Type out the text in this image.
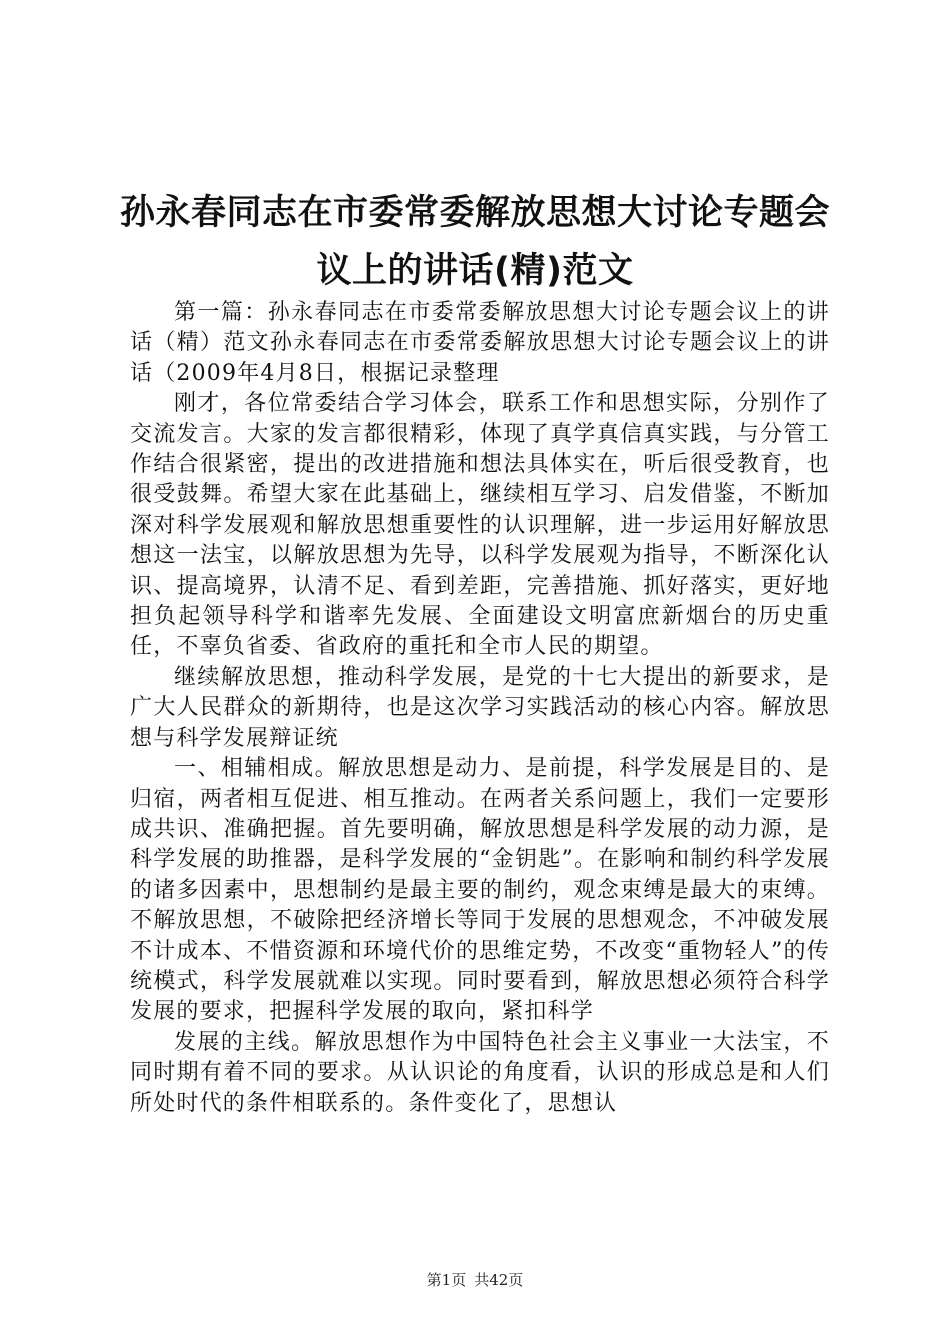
孙永春同志在市委常委解放思想大讨论专题会
议上的讲话(精)范文

第一篇：孙永春同志在市委常委解放思想大讨论专题会议上的讲话（精）范文孙永春同志在市委常委解放思想大讨论专题会议上的讲话（2009年4月8日，根据记录整理

刚才，各位常委结合学习体会，联系工作和思想实际，分别作了交流发言。大家的发言都很精彩，体现了真学真信真实践，与分管工作结合很紧密，提出的改进措施和想法具体实在，听后很受教育，也很受鼓舞。希望大家在此基础上，继续相互学习、启发借鉴，不断加深对科学发展观和解放思想重要性的认识理解，进一步运用好解放思想这一法宝，以解放思想为先导，以科学发展观为指导，不断深化认识、提高境界，认清不足、看到差距，完善措施、抓好落实，更好地担负起领导科学和谐率先发展、全面建设文明富庶新烟台的历史重任，不辜负省委、省政府的重托和全市人民的期望。

继续解放思想，推动科学发展，是党的十七大提出的新要求，是广大人民群众的新期待，也是这次学习实践活动的核心内容。解放思想与科学发展辩证统

一、相辅相成。解放思想是动力、是前提，科学发展是目的、是归宿，两者相互促进、相互推动。在两者关系问题上，我们一定要形成共识、准确把握。首先要明确，解放思想是科学发展的动力源，是科学发展的助推器，是科学发展的“金钥匙”。在影响和制约科学发展的诸多因素中，思想制约是最主要的制约，观念束缚是最大的束缚。不解放思想，不破除把经济增长等同于发展的思想观念，不冲破发展不计成本、不惜资源和环境代价的思维定势，不改变“重物轻人”的传统模式，科学发展就难以实现。同时要看到，解放思想必须符合科学发展的要求，把握科学发展的取向，紧扣科学

发展的主线。解放思想作为中国特色社会主义事业一大法宝，不同时期有着不同的要求。从认识论的角度看，认识的形成总是和人们所处时代的条件相联系的。条件变化了，思想认

第1页 共42页
